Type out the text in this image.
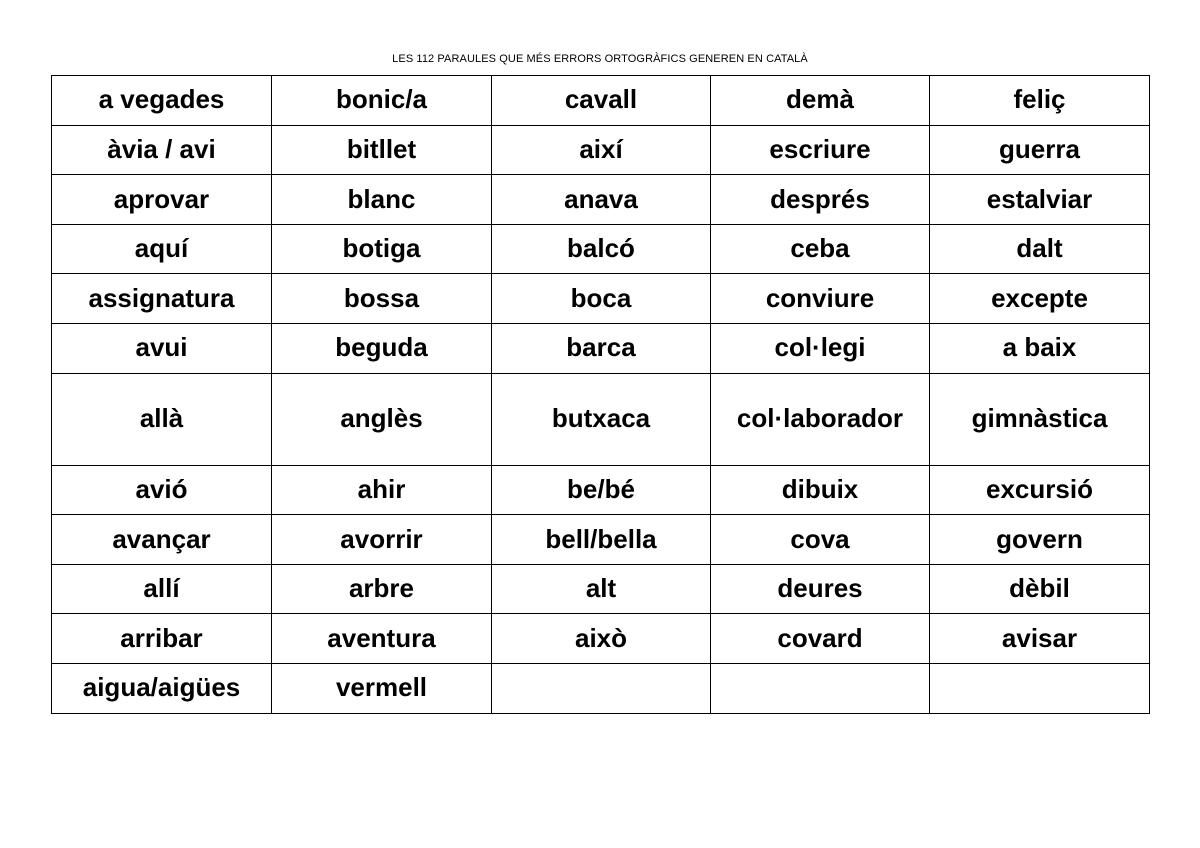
LES 112 PARAULES QUE MÉS ERRORS ORTOGRÀFICS GENEREN EN CATALÀ
a vegades	bonic/a	cavall	demà	feliç
àvia / avi	bitllet	així	escriure	guerra
aprovar	blanc	anava	després	estalviar
aquí	botiga	balcó	ceba	dalt
assignatura	bossa	boca	conviure	excepte
avui	beguda	barca	col·legi	a baix
allà	anglès	butxaca	col·laborador	gimnàstica
avió	ahir	be/bé	dibuix	excursió
avançar	avorrir	bell/bella	cova	govern
allí	arbre	alt	deures	dèbil
arribar	aventura	això	covard	avisar
aigua/aigües	vermell			
